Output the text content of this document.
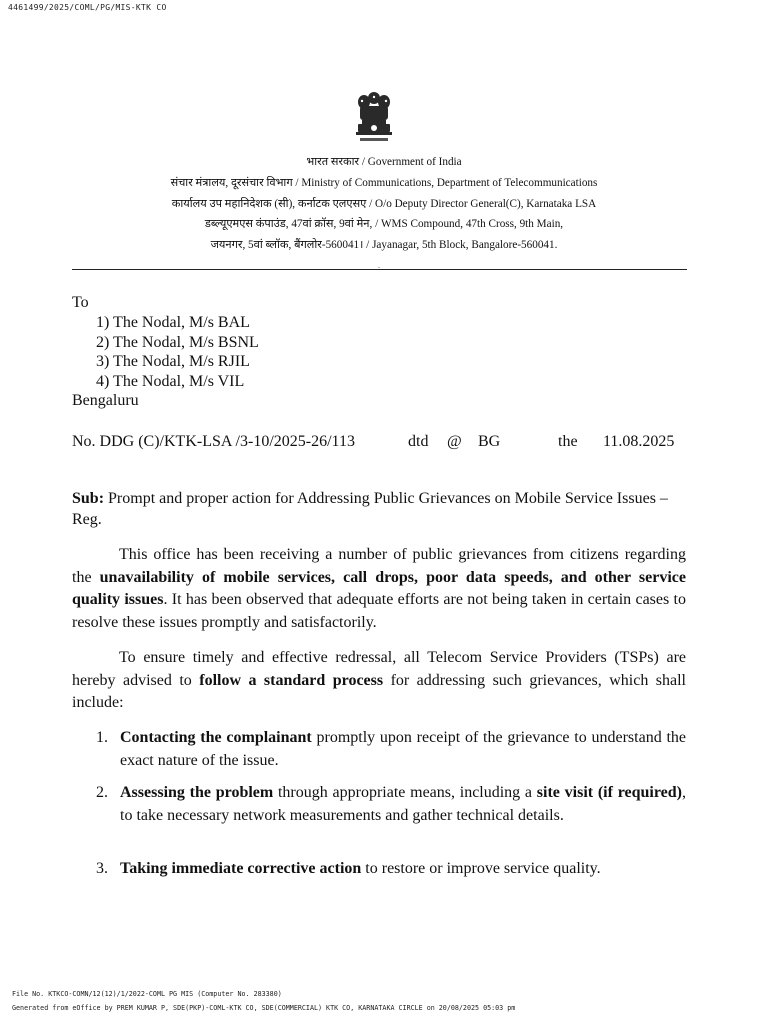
4461499/2025/COML/PG/MIS-KTK CO
भारत सरकार / Government of India
संचार मंत्रालय, दूरसंचार विभाग / Ministry of Communications, Department of Telecommunications
कार्यालय उप महानिदेशक (सी), कर्नाटक एलएसए / O/o Deputy Director General(C), Karnataka LSA
डब्ल्यूएमएस कंपाउंड, 47वां क्रॉस, 9वां मेन, / WMS Compound, 47th Cross, 9th Main,
जयनगर, 5वां ब्लॉक, बैंगलोर-560041। / Jayanagar, 5th Block, Bangalore-560041.
.
To
1) The Nodal, M/s BAL
2) The Nodal, M/s BSNL
3) The Nodal, M/s RJIL
4) The Nodal, M/s VIL
Bengaluru
No. DDG (C)/KTK-LSA /3-10/2025-26/113	dtd @ BG	the 11.08.2025
Sub: Prompt and proper action for Addressing Public Grievances on Mobile Service Issues – Reg.

This office has been receiving a number of public grievances from citizens regarding the unavailability of mobile services, call drops, poor data speeds, and other service quality issues. It has been observed that adequate efforts are not being taken in certain cases to resolve these issues promptly and satisfactorily.

To ensure timely and effective redressal, all Telecom Service Providers (TSPs) are hereby advised to follow a standard process for addressing such grievances, which shall include:

1. Contacting the complainant promptly upon receipt of the grievance to understand the exact nature of the issue.
2. Assessing the problem through appropriate means, including a site visit (if required), to take necessary network measurements and gather technical details.
3. Taking immediate corrective action to restore or improve service quality.
File No. KTKCO-COMN/12(12)/1/2022-COML PG MIS (Computer No. 283380)
Generated from eOffice by PREM KUMAR P, SDE(PKP)-COML-KTK CO, SDE(COMMERCIAL) KTK CO, KARNATAKA CIRCLE on 20/08/2025 05:03 pm
